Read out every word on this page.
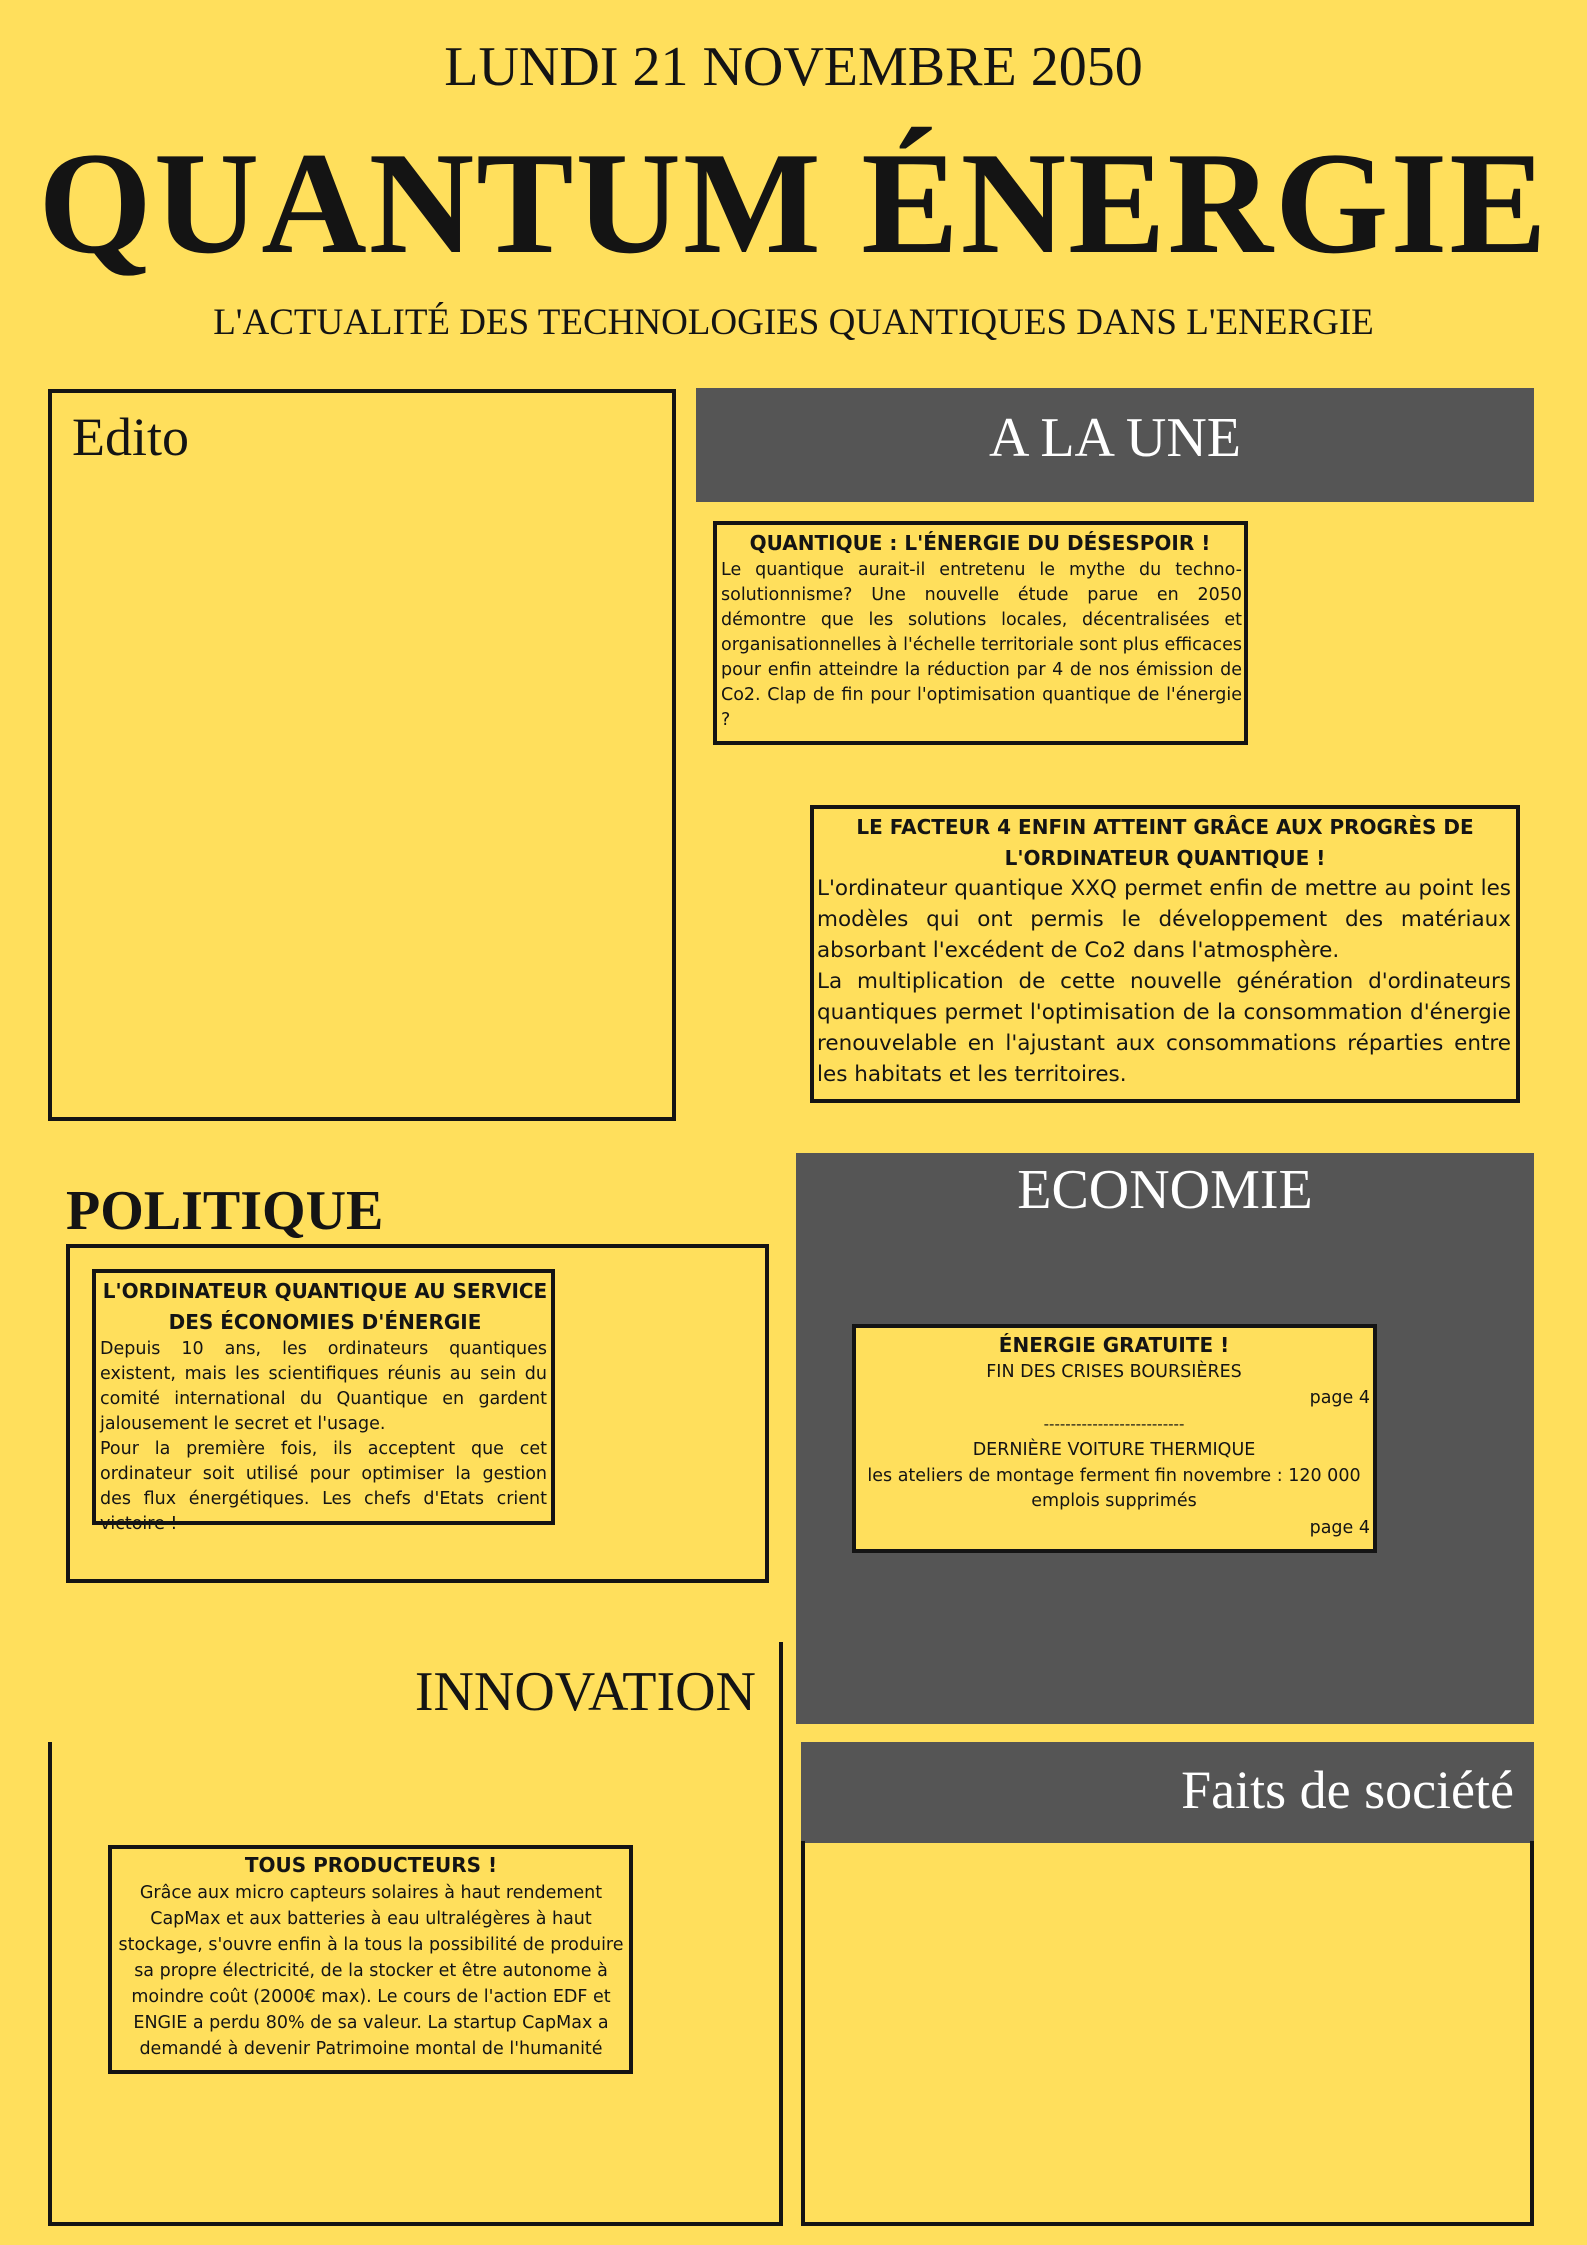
LUNDI 21 NOVEMBRE 2050
QUANTUM ÉNERGIE
L'ACTUALITÉ DES TECHNOLOGIES QUANTIQUES DANS L'ENERGIE
Edito	A LA UNE
QUANTIQUE : L'ÉNERGIE DU DÉSESPOIR !
Le quantique aurait-il entretenu le mythe du techno-solutionnisme? Une nouvelle étude parue en 2050 démontre que les solutions locales, décentralisées et organisationnelles à l'échelle territoriale sont plus efficaces pour enfin atteindre la réduction par 4 de nos émission de Co2. Clap de fin pour l'optimisation quantique de l'énergie ?
LE FACTEUR 4 ENFIN ATTEINT GRÂCE AUX PROGRÈS DE L'ORDINATEUR QUANTIQUE !
L'ordinateur quantique XXQ permet enfin de mettre au point les modèles qui ont permis le développement des matériaux absorbant l'excédent de Co2 dans l'atmosphère.
La multiplication de cette nouvelle génération d'ordinateurs quantiques permet l'optimisation de la consommation d'énergie renouvelable en l'ajustant aux consommations réparties entre les habitats et les territoires.
POLITIQUE
L'ORDINATEUR QUANTIQUE AU SERVICE DES ÉCONOMIES D'ÉNERGIE
Depuis 10 ans, les ordinateurs quantiques existent, mais les scientifiques réunis au sein du comité international du Quantique en gardent jalousement le secret et l'usage.
Pour la première fois, ils acceptent que cet ordinateur soit utilisé pour optimiser la gestion des flux énergétiques. Les chefs d'Etats crient victoire !
ECONOMIE
ÉNERGIE GRATUITE !
FIN DES CRISES BOURSIÈRES
page 4
--------------------------
DERNIÈRE VOITURE THERMIQUE
les ateliers de montage ferment fin novembre : 120 000 emplois supprimés
page 4
INNOVATION
TOUS PRODUCTEURS !
Grâce aux micro capteurs solaires à haut rendement CapMax et aux batteries à eau ultralégères à haut stockage, s'ouvre enfin à la tous la possibilité de produire sa propre électricité, de la stocker et être autonome à moindre coût (2000€ max). Le cours de l'action EDF et ENGIE a perdu 80% de sa valeur. La startup CapMax a demandé à devenir Patrimoine montal de l'humanité
Faits de société
